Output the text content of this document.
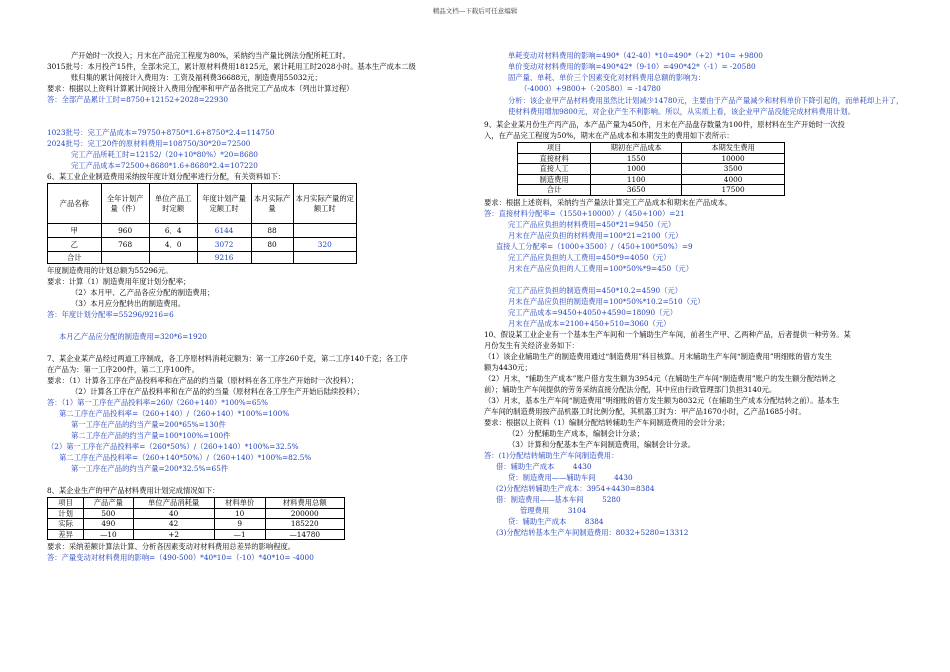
精品文档---下载后可任意编辑
产开始时一次投入；月末在产品完工程度为80%，采纳约当产量比例法分配所耗工时。
3015批号：本月投产15件，全部未完工，累计原材料费用18125元，累计耗用工时2028小时。基本生产成本二级
账归集的累计间接计入费用为：工资及福利费36688元，制造费用55032元；
要求：根据以上资料计算累计间接计入费用分配率和甲产品各批完工产品成本（列出计算过程）
答：全部产品累计工时=8750+12152+2028=22930
1023批号：完工产品成本=79750+8750*1.6+8750*2.4=114750
2024批号：完工20件的原材料费用=108750/30*20=72500
完工产品所耗工时=12152/（20+10*80%）*20=8680
完工产品成本=72500+8680*1.6+8680*2.4=107220
6、某工业企业制造费用采纳按年度计划分配率进行分配，有关资料如下：
产品名称	全年计划产量（件）	单位产品工时定额	年度计划产量定额工时	本月实际产量	本月实际产量的定额工时
甲	960	6．4	6144	88	
乙	768	4．0	3072	80	320
合计			9216		
年度制造费用的计划总额为55296元。
要求：计算（1）制造费用年度计划分配率；
（2）本月甲、乙产品各应分配的制造费用；
（3）本月应分配转出的制造费用。
答：年度计划分配率=55296/9216=6
本月乙产品应分配的制造费用=320*6=1920
7、某企业某产品经过两道工序制成，各工序原材料消耗定额为：第一工序260千克，第二工序140千克；各工序
在产品为：第一工序200件，第二工序100件。
要求：（1）计算各工序在产品投料率和在产品的约当量（原材料在各工序生产开始时一次投料）；
（2）计算各工序在产品投料率和在产品的约当量（原材料在各工序生产开始后陆续投料）；
答：（1）第一工序在产品投料率=260/（260+140）*100%=65%
第二工序在产品投料率=（260+140）/（260+140）*100%=100%
第一工序在产品的约当产量=200*65%=130件
第二工序在产品的约当产量=100*100%=100件
（2）第一工序在产品投料率=（260*50%）/（260+140）*100%=32.5%
第二工序在产品投料率=（260+140*50%）/（260+140）*100%=82.5%
第一工序在产品的约当产量=200*32.5%=65件
8、某企业生产的甲产品材料费用计划完成情况如下：
项目	产品产量	单位产品消耗量	材料单价	材料费用总额
计划	500	40	10	200000
实际	490	42	9	185220
差异	—10	+2	—1	—14780
要求：采纳差额计算法计算、分析各因素变动对材料费用总差异的影响程度。
答：产量变动对材料费用的影响=（490-500）*40*10=（-10）*40*10= -4000
单耗变动对材料费用的影响=490*（42-40）*10=490*（+2）*10= +9800
单价变动对材料费用的影响=490*42*（9-10）=490*42*（-1）= -20580
固产量、单耗、单价三个因素变化对材料费用总额的影响为：
（-4000）+9800+（-20580）= -14780
分析：该企业甲产品材料费用虽然比计划减少14780元，主要由于产品产量减少和材料单价下降引起的，而单耗却上升了，使材料费用增加9800元，对企业产生不利影响。所以，从实质上看，该企业甲产品没能完成材料费用计划。
9、某企业某月份生产丙产品，本产品产量为450件，月末在产品盘存数量为100件，原材料在生产开始时一次投
入，在产品完工程度为50%，期末在产品成本和本期发生的费用如下表所示：
项目	期初在产品成本	本期发生费用
直接材料	1550	10000
直接人工	1000	3500
制造费用	1100	4000
合计	3650	17500
要求：根据上述资料，采纳约当产量法计算完工产品成本和期末在产品成本。
答：直接材料分配率=（1550+10000）/（450+100）=21
完工产品应负担的材料费用=450*21=9450（元）
月末在产品应负担的材料费用=100*21=2100（元）
直接人工分配率=（1000+3500）/（450+100*50%）=9
完工产品应负担的人工费用=450*9=4050（元）
月末在产品应负担的人工费用=100*50%*9=450（元）
完工产品应负担的制造费用=450*10.2=4590（元）
月末在产品应负担的制造费用=100*50%*10.2=510（元）
完工产品成本=9450+4050+4590=18090（元）
月末在产品成本=2100+450+510=3060（元）
10、假设某工业企业有一个基本生产车间和一个辅助生产车间，前者生产甲、乙两种产品，后者提供一种劳务。某
月份发生有关经济业务如下：
（1）该企业辅助生产的制造费用通过“制造费用”科目核算。月末辅助生产车间“制造费用”明细账的借方发生
额为4430元；
（2）月末，“辅助生产成本”账户借方发生额为3954元（在辅助生产车间“制造费用”账户的发生额分配结转之
前）；辅助生产车间提供的劳务采纳直接分配法分配，其中应由行政管理部门负担3140元。
（3）月末，基本生产车间“制造费用”明细账的借方发生额为8032元（在辅助生产成本分配结转之前）。基本生
产车间的制造费用按产品机器工时比例分配，其机器工时为：甲产品1670小时，乙产品1685小时。
要求：根据以上资料（1）编制分配结转辅助生产车间制造费用的会计分录；
（2）分配辅助生产成本，编制会计分录；
（3）计算和分配基本生产车间制造费用，编制会计分录。
答：(1)分配结转辅助生产车间制造费用：
借：辅助生产成本        4430
贷：制造费用——辅助车间        4430
(2)分配结转辅助生产成本：3954+4430=8384
借：制造费用——基本车间        5280
管理费用        3104
贷：辅助生产成本        8384
(3)分配结转基本生产车间制造费用：8032+5280=13312
